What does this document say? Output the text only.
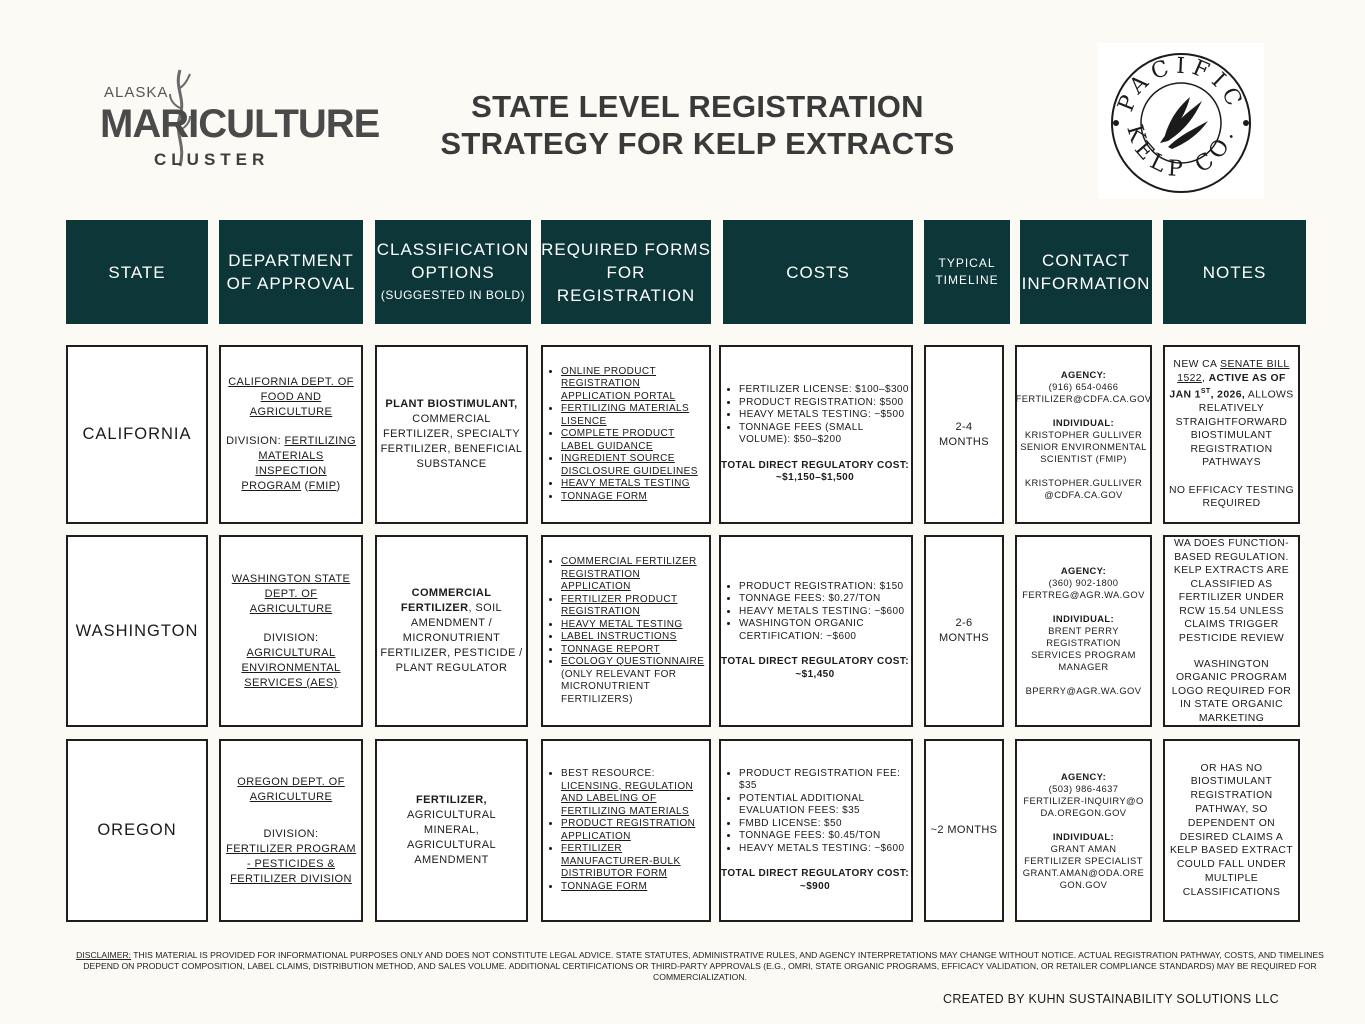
ALASKA
MARICULTURE
CLUSTER
STATE LEVEL REGISTRATION
STRATEGY FOR KELP EXTRACTS
PACIFIC
KELP CO.
STATE
DEPARTMENT
OF APPROVAL
CLASSIFICATION
OPTIONS
(SUGGESTED IN BOLD)
REQUIRED FORMS
FOR
REGISTRATION
COSTS	TYPICAL
TIMELINE
CONTACT
INFORMATION
NOTES
CALIFORNIA
CALIFORNIA DEPT. OF FOOD AND AGRICULTURE
DIVISION: FERTILIZING MATERIALS INSPECTION PROGRAM (FMIP)
PLANT BIOSTIMULANT, COMMERCIAL FERTILIZER, SPECIALTY FERTILIZER, BENEFICIAL SUBSTANCE
• ONLINE PRODUCT REGISTRATION APPLICATION PORTAL
• FERTILIZING MATERIALS LISENCE
• COMPLETE PRODUCT LABEL GUIDANCE
• INGREDIENT SOURCE DISCLOSURE GUIDELINES
• HEAVY METALS TESTING
• TONNAGE FORM
• FERTILIZER LICENSE: $100–$300
• PRODUCT REGISTRATION: $500
• HEAVY METALS TESTING: ~$500
• TONNAGE FEES (SMALL VOLUME): $50–$200
TOTAL DIRECT REGULATORY COST:
~$1,150–$1,500
2-4 MONTHS
AGENCY:
(916) 654-0466
FERTILIZER@CDFA.CA.GOV
INDIVIDUAL:
KRISTOPHER GULLIVER
SENIOR ENVIRONMENTAL SCIENTIST (FMIP)
KRISTOPHER.GULLIVER@CDFA.CA.GOV
NEW CA SENATE BILL 1522, ACTIVE AS OF JAN 1ST, 2026, ALLOWS RELATIVELY STRAIGHTFORWARD BIOSTIMULANT REGISTRATION PATHWAYS
NO EFFICACY TESTING REQUIRED
WASHINGTON
WASHINGTON STATE DEPT. OF AGRICULTURE
DIVISION:
AGRICULTURAL ENVIRONMENTAL SERVICES (AES)
COMMERCIAL FERTILIZER, SOIL AMENDMENT / MICRONUTRIENT FERTILIZER, PESTICIDE / PLANT REGULATOR
• COMMERCIAL FERTILIZER REGISTRATION APPLICATION
• FERTILIZER PRODUCT REGISTRATION
• HEAVY METAL TESTING
• LABEL INSTRUCTIONS
• TONNAGE REPORT
• ECOLOGY QUESTIONNAIRE (ONLY RELEVANT FOR MICRONUTRIENT FERTILIZERS)
• PRODUCT REGISTRATION: $150
• TONNAGE FEES: $0.27/TON
• HEAVY METALS TESTING: ~$600
• WASHINGTON ORGANIC CERTIFICATION: ~$600
TOTAL DIRECT REGULATORY COST:
~$1,450
2-6 MONTHS
AGENCY:
(360) 902-1800
FERTREG@AGR.WA.GOV
INDIVIDUAL:
BRENT PERRY
REGISTRATION SERVICES PROGRAM MANAGER
BPERRY@AGR.WA.GOV
WA DOES FUNCTION-BASED REGULATION. KELP EXTRACTS ARE CLASSIFIED AS FERTILIZER UNDER RCW 15.54 UNLESS CLAIMS TRIGGER PESTICIDE REVIEW
WASHINGTON ORGANIC PROGRAM LOGO REQUIRED FOR IN STATE ORGANIC MARKETING
OREGON
OREGON DEPT. OF AGRICULTURE
DIVISION:
FERTILIZER PROGRAM - PESTICIDES & FERTILIZER DIVISION
FERTILIZER, AGRICULTURAL MINERAL, AGRICULTURAL AMENDMENT
• BEST RESOURCE: LICENSING, REGULATION AND LABELING OF FERTILIZING MATERIALS
• PRODUCT REGISTRATION APPLICATION
• FERTILIZER MANUFACTURER-BULK DISTRIBUTOR FORM
• TONNAGE FORM
• PRODUCT REGISTRATION FEE: $35
• POTENTIAL ADDITIONAL EVALUATION FEES: $35
• FMBD LICENSE: $50
• TONNAGE FEES: $0.45/TON
• HEAVY METALS TESTING: ~$600
TOTAL DIRECT REGULATORY COST:
~$900
~2 MONTHS
AGENCY:
(503) 986-4637
FERTILIZER-INQUIRY@ODA.OREGON.GOV
INDIVIDUAL:
GRANT AMAN
FERTILIZER SPECIALIST
GRANT.AMAN@ODA.OREGON.GOV
OR HAS NO BIOSTIMULANT REGISTRATION PATHWAY, SO DEPENDENT ON DESIRED CLAIMS A KELP BASED EXTRACT COULD FALL UNDER MULTIPLE CLASSIFICATIONS
DISCLAIMER: THIS MATERIAL IS PROVIDED FOR INFORMATIONAL PURPOSES ONLY AND DOES NOT CONSTITUTE LEGAL ADVICE. STATE STATUTES, ADMINISTRATIVE RULES, AND AGENCY INTERPRETATIONS MAY CHANGE WITHOUT NOTICE. ACTUAL REGISTRATION PATHWAY, COSTS, AND TIMELINES DEPEND ON PRODUCT COMPOSITION, LABEL CLAIMS, DISTRIBUTION METHOD, AND SALES VOLUME. ADDITIONAL CERTIFICATIONS OR THIRD-PARTY APPROVALS (E.G., OMRI, STATE ORGANIC PROGRAMS, EFFICACY VALIDATION, OR RETAILER COMPLIANCE STANDARDS) MAY BE REQUIRED FOR COMMERCIALIZATION.
CREATED BY KUHN SUSTAINABILITY SOLUTIONS LLC
